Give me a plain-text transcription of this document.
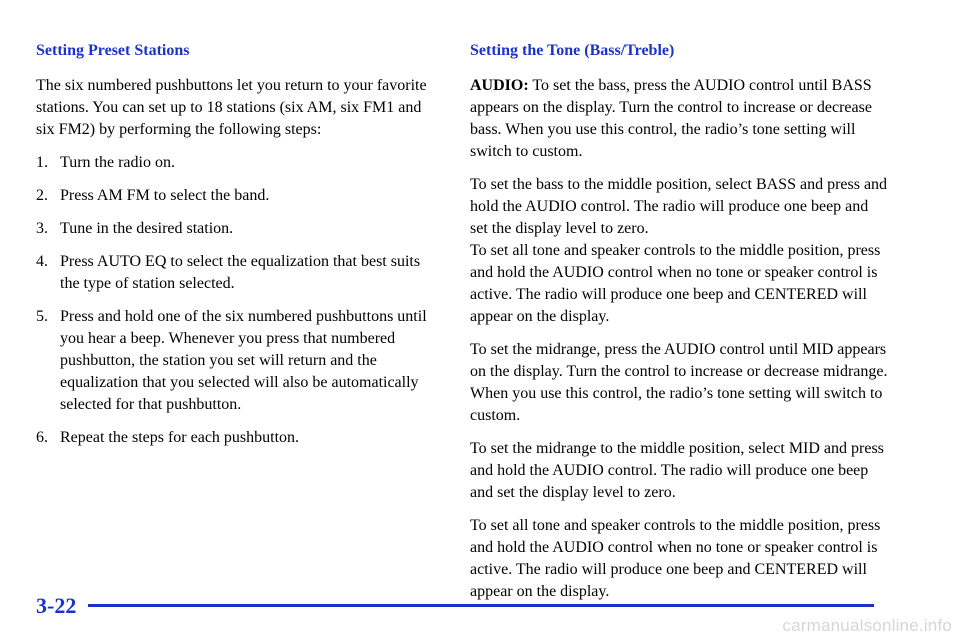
Setting Preset Stations

The six numbered pushbuttons let you return to your favorite stations. You can set up to 18 stations (six AM, six FM1 and six FM2) by performing the following steps:

1. Turn the radio on.
2. Press AM FM to select the band.
3. Tune in the desired station.
4. Press AUTO EQ to select the equalization that best suits the type of station selected.
5. Press and hold one of the six numbered pushbuttons until you hear a beep. Whenever you press that numbered pushbutton, the station you set will return and the equalization that you selected will also be automatically selected for that pushbutton.
6. Repeat the steps for each pushbutton.
Setting the Tone (Bass/Treble)

AUDIO: To set the bass, press the AUDIO control until BASS appears on the display. Turn the control to increase or decrease bass. When you use this control, the radio’s tone setting will switch to custom.

To set the bass to the middle position, select BASS and press and hold the AUDIO control. The radio will produce one beep and set the display level to zero.

To set all tone and speaker controls to the middle position, press and hold the AUDIO control when no tone or speaker control is active. The radio will produce one beep and CENTERED will appear on the display.

To set the midrange, press the AUDIO control until MID appears on the display. Turn the control to increase or decrease midrange. When you use this control, the radio’s tone setting will switch to custom.

To set the midrange to the middle position, select MID and press and hold the AUDIO control. The radio will produce one beep and set the display level to zero.

To set all tone and speaker controls to the middle position, press and hold the AUDIO control when no tone or speaker control is active. The radio will produce one beep and CENTERED will appear on the display.

3-22
carmanualsonline.info
